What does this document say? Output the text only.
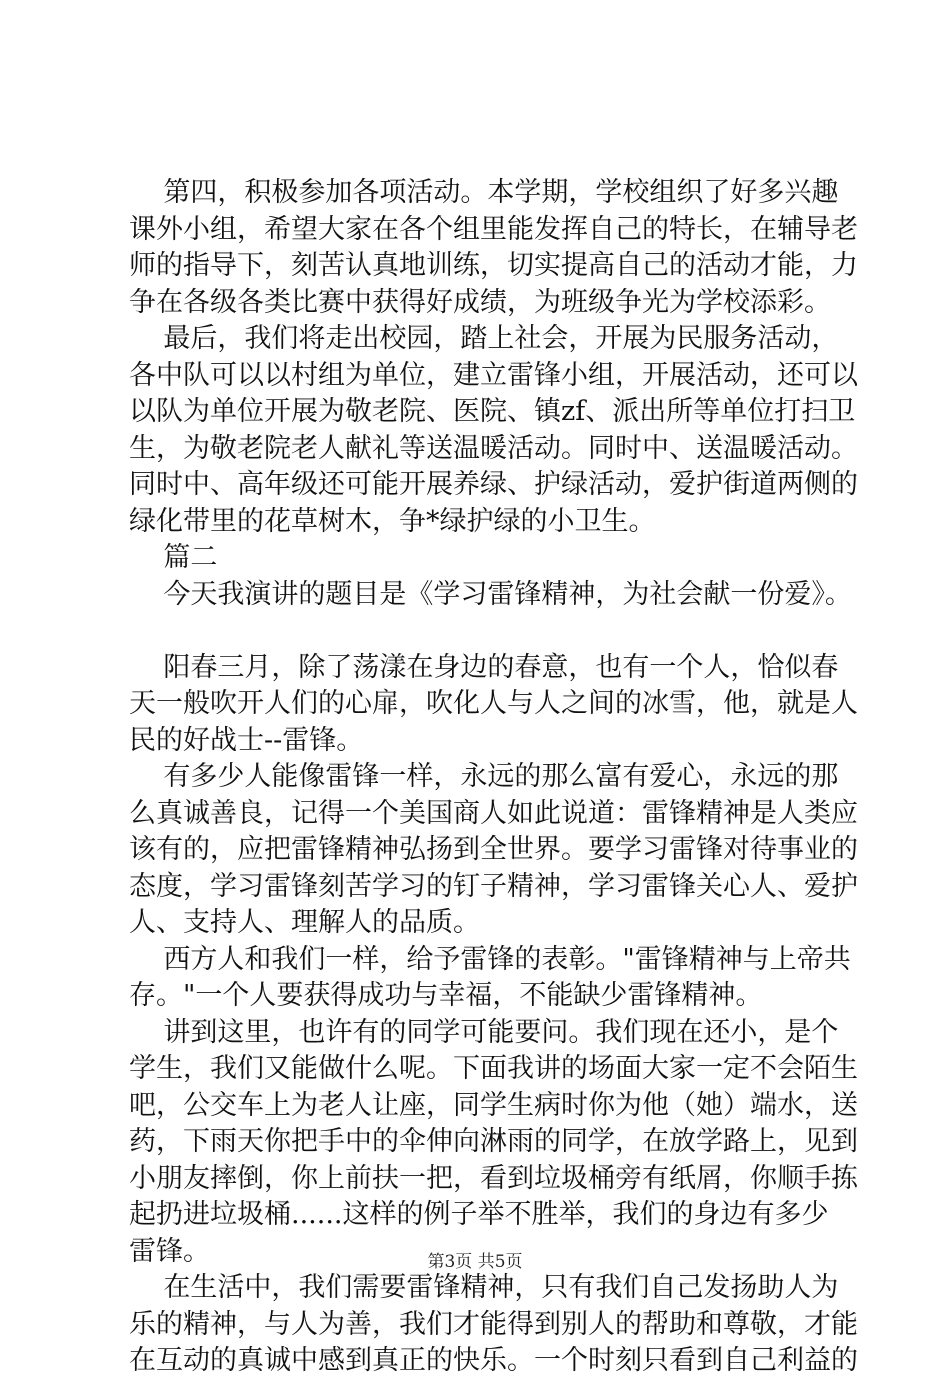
第四，积极参加各项活动。本学期，学校组织了好多兴趣
课外小组，希望大家在各个组里能发挥自己的特长，在辅导老
师的指导下，刻苦认真地训练，切实提高自己的活动才能，力
争在各级各类比赛中获得好成绩，为班级争光为学校添彩。
最后，我们将走出校园，踏上社会，开展为民服务活动，
各中队可以以村组为单位，建立雷锋小组，开展活动，还可以
以队为单位开展为敬老院、医院、镇zf、派出所等单位打扫卫
生，为敬老院老人献礼等送温暖活动。同时中、送温暖活动。
同时中、高年级还可能开展养绿、护绿活动，爱护街道两侧的
绿化带里的花草树木，争*绿护绿的小卫生。
篇二
今天我演讲的题目是《学习雷锋精神，为社会献一份爱》。
阳春三月，除了荡漾在身边的春意，也有一个人，恰似春
天一般吹开人们的心扉，吹化人与人之间的冰雪，他，就是人
民的好战士--雷锋。
有多少人能像雷锋一样，永远的那么富有爱心，永远的那
么真诚善良，记得一个美国商人如此说道：雷锋精神是人类应
该有的，应把雷锋精神弘扬到全世界。要学习雷锋对待事业的
态度，学习雷锋刻苦学习的钉子精神，学习雷锋关心人、爱护
人、支持人、理解人的品质。
西方人和我们一样，给予雷锋的表彰。"雷锋精神与上帝共
存。"一个人要获得成功与幸福，不能缺少雷锋精神。
讲到这里，也许有的同学可能要问。我们现在还小，是个
学生，我们又能做什么呢。下面我讲的场面大家一定不会陌生
吧，公交车上为老人让座，同学生病时你为他（她）端水，送
药，下雨天你把手中的伞伸向淋雨的同学，在放学路上，见到
小朋友摔倒，你上前扶一把，看到垃圾桶旁有纸屑，你顺手拣
起扔进垃圾桶......这样的例子举不胜举，我们的身边有多少
雷锋。
在生活中，我们需要雷锋精神，只有我们自己发扬助人为
乐的精神，与人为善，我们才能得到别人的帮助和尊敬，才能
在互动的真诚中感到真正的快乐。一个时刻只看到自己利益的
第3页 共5页
